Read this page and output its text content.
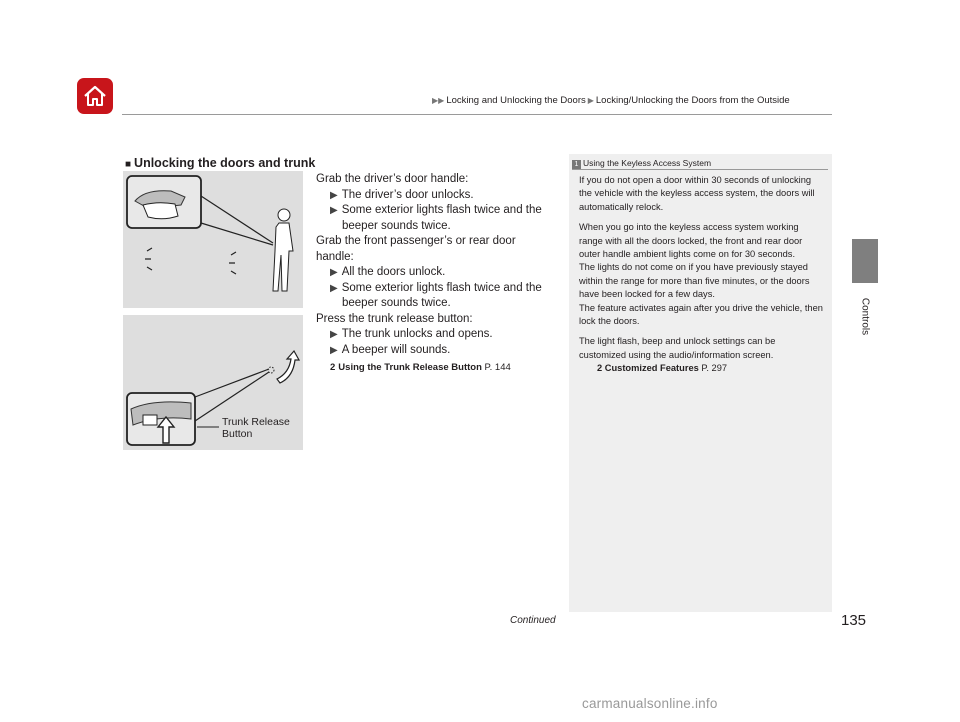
▶▶ Locking and Unlocking the Doors ▶ Locking/Unlocking the Doors from the Outside
Controls
■ Unlocking the doors and trunk
Trunk Release
Button

Grab the driver’s door handle:

▶ The driver’s door unlocks.

▶ Some exterior lights flash twice and the beeper sounds twice.

Grab the front passenger’s or rear door handle:

▶ All the doors unlock.

▶ Some exterior lights flash twice and the beeper sounds twice.

Press the trunk release button:

▶ The trunk unlocks and opens.

▶ A beeper will sounds.

2 Using the Trunk Release Button P. 144

1 Using the Keyless Access System

If you do not open a door within 30 seconds of unlocking the vehicle with the keyless access system, the doors will automatically relock.

When you go into the keyless access system working range with all the doors locked, the front and rear door outer handle ambient lights come on for 30 seconds.

The lights do not come on if you have previously stayed within the range for more than five minutes, or the doors have been locked for a few days.

The feature activates again after you drive the vehicle, then lock the doors.

The light flash, beep and unlock settings can be customized using the audio/information screen.

2 Customized Features P. 297

Continued	135
carmanualsonline.info
